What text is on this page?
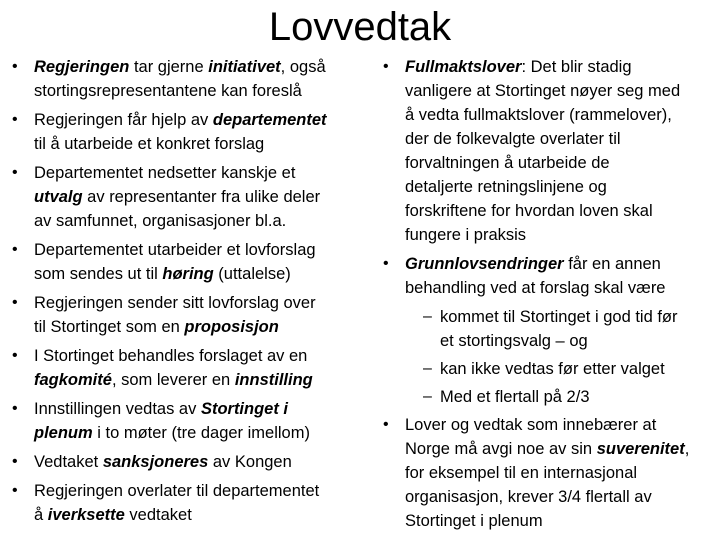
Lovvedtak
• Regjeringen tar gjerne initiativet, også
stortingsrepresentantene kan foreslå
• Regjeringen får hjelp av departementet
til å utarbeide et konkret forslag
• Departementet nedsetter kanskje et
utvalg av representanter fra ulike deler
av samfunnet, organisasjoner bl.a.
• Departementet utarbeider et lovforslag
som sendes ut til høring (uttalelse)
• Regjeringen sender sitt lovforslag over
til Stortinget som en proposisjon
• I Stortinget behandles forslaget av en
fagkomité, som leverer en innstilling
• Innstillingen vedtas av Stortinget i
plenum i to møter (tre dager imellom)
• Vedtaket sanksjoneres av Kongen
• Regjeringen overlater til departementet
å iverksette vedtaket
• Fullmaktslover: Det blir stadig
vanligere at Stortinget nøyer seg med
å vedta fullmaktslover (rammelover),
der de folkevalgte overlater til
forvaltningen å utarbeide de
detaljerte retningslinjene og
forskriftene for hvordan loven skal
fungere i praksis
• Grunnlovsendringer får en annen
behandling ved at forslag skal være
– kommet til Stortinget i god tid før
et stortingsvalg – og
– kan ikke vedtas før etter valget
– Med et flertall på 2/3
• Lover og vedtak som innebærer at
Norge må avgi noe av sin suverenitet,
for eksempel til en internasjonal
organisasjon, krever 3/4 flertall av
Stortinget i plenum
